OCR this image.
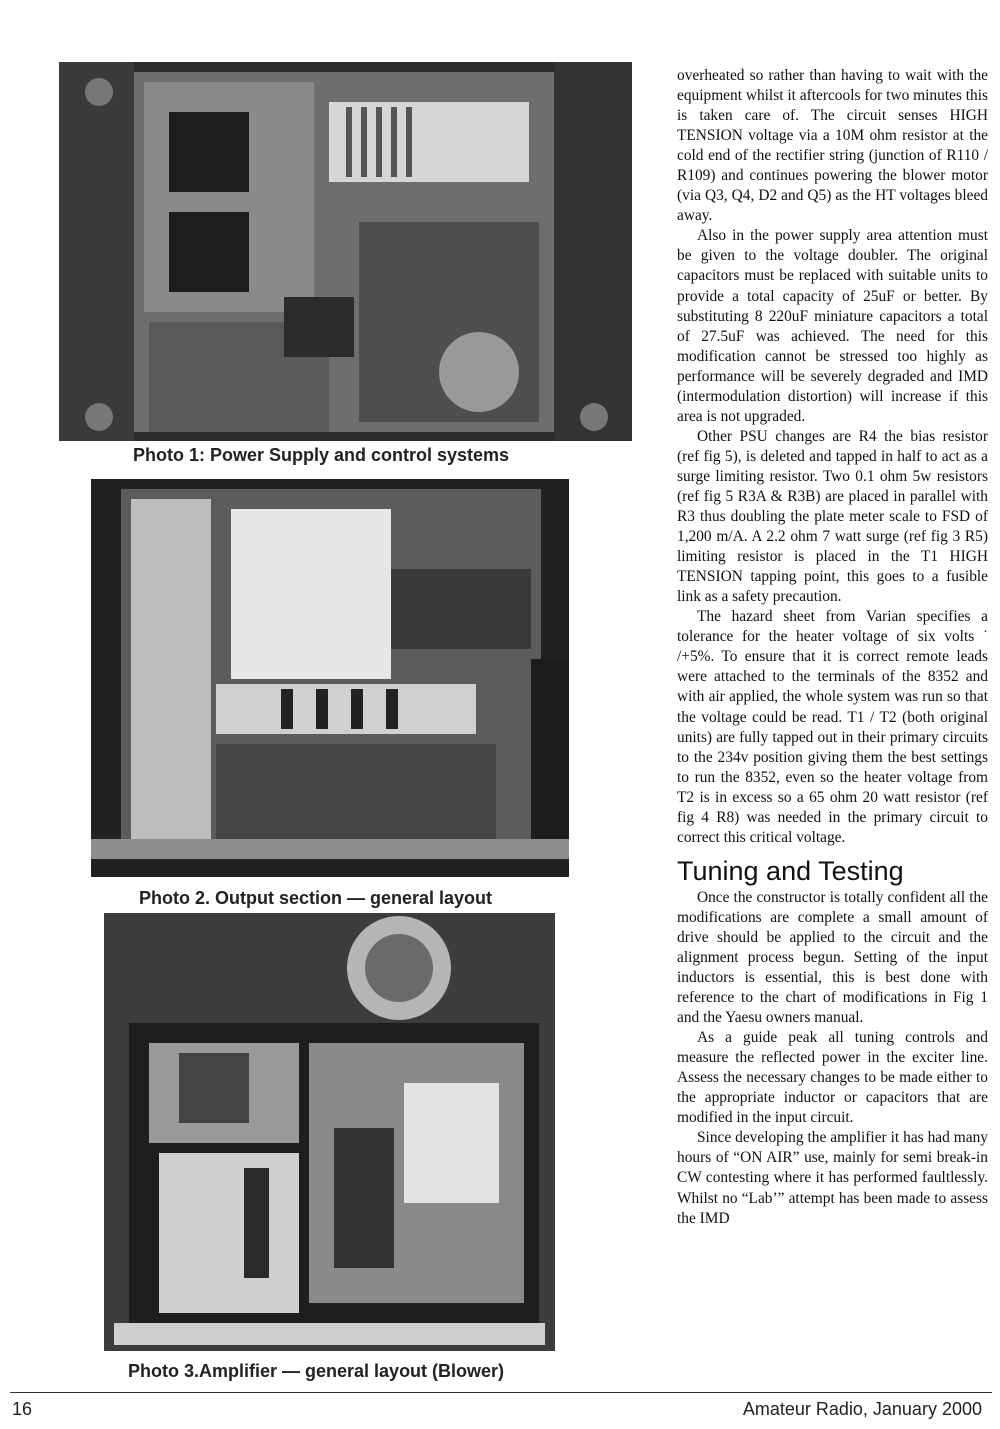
Photo 1: Power Supply and control systems
Photo 2. Output section — general layout
Photo 3.Amplifier — general layout (Blower)

overheated so rather than having to wait with the equipment whilst it aftercools for two minutes this is taken care of. The circuit senses HIGH TENSION voltage via a 10M ohm resistor at the cold end of the rectifier string (junction of R110 / R109) and continues powering the blower motor (via Q3, Q4, D2 and Q5) as the HT voltages bleed away.

Also in the power supply area attention must be given to the voltage doubler. The original capacitors must be replaced with suitable units to provide a total capacity of 25uF or better. By substituting 8 220uF miniature capacitors a total of 27.5uF was achieved. The need for this modification cannot be stressed too highly as performance will be severely degraded and IMD (intermodulation distortion) will increase if this area is not upgraded.

Other PSU changes are R4 the bias resistor (ref fig 5), is deleted and tapped in half to act as a surge limiting resistor. Two 0.1 ohm 5w resistors (ref fig 5 R3A & R3B) are placed in parallel with R3 thus doubling the plate meter scale to FSD of 1,200 m/A. A 2.2 ohm 7 watt surge (ref fig 3 R5) limiting resistor is placed in the T1 HIGH TENSION tapping point, this goes to a fusible link as a safety precaution.

The hazard sheet from Varian specifies a tolerance for the heater voltage of six volts ˙ /+5%. To ensure that it is correct remote leads were attached to the terminals of the 8352 and with air applied, the whole system was run so that the voltage could be read. T1 / T2 (both original units) are fully tapped out in their primary circuits to the 234v position giving them the best settings to run the 8352, even so the heater voltage from T2 is in excess so a 65 ohm 20 watt resistor (ref fig 4 R8) was needed in the primary circuit to correct this critical voltage.

Tuning and Testing

Once the constructor is totally confident all the modifications are complete a small amount of drive should be applied to the circuit and the alignment process begun. Setting of the input inductors is essential, this is best done with reference to the chart of modifications in Fig 1 and the Yaesu owners manual.

As a guide peak all tuning controls and measure the reflected power in the exciter line. Assess the necessary changes to be made either to the appropriate inductor or capacitors that are modified in the input circuit.

Since developing the amplifier it has had many hours of “ON AIR” use, mainly for semi break-in CW contesting where it has performed faultlessly. Whilst no “Lab’” attempt has been made to assess the IMD

16	Amateur Radio, January 2000
